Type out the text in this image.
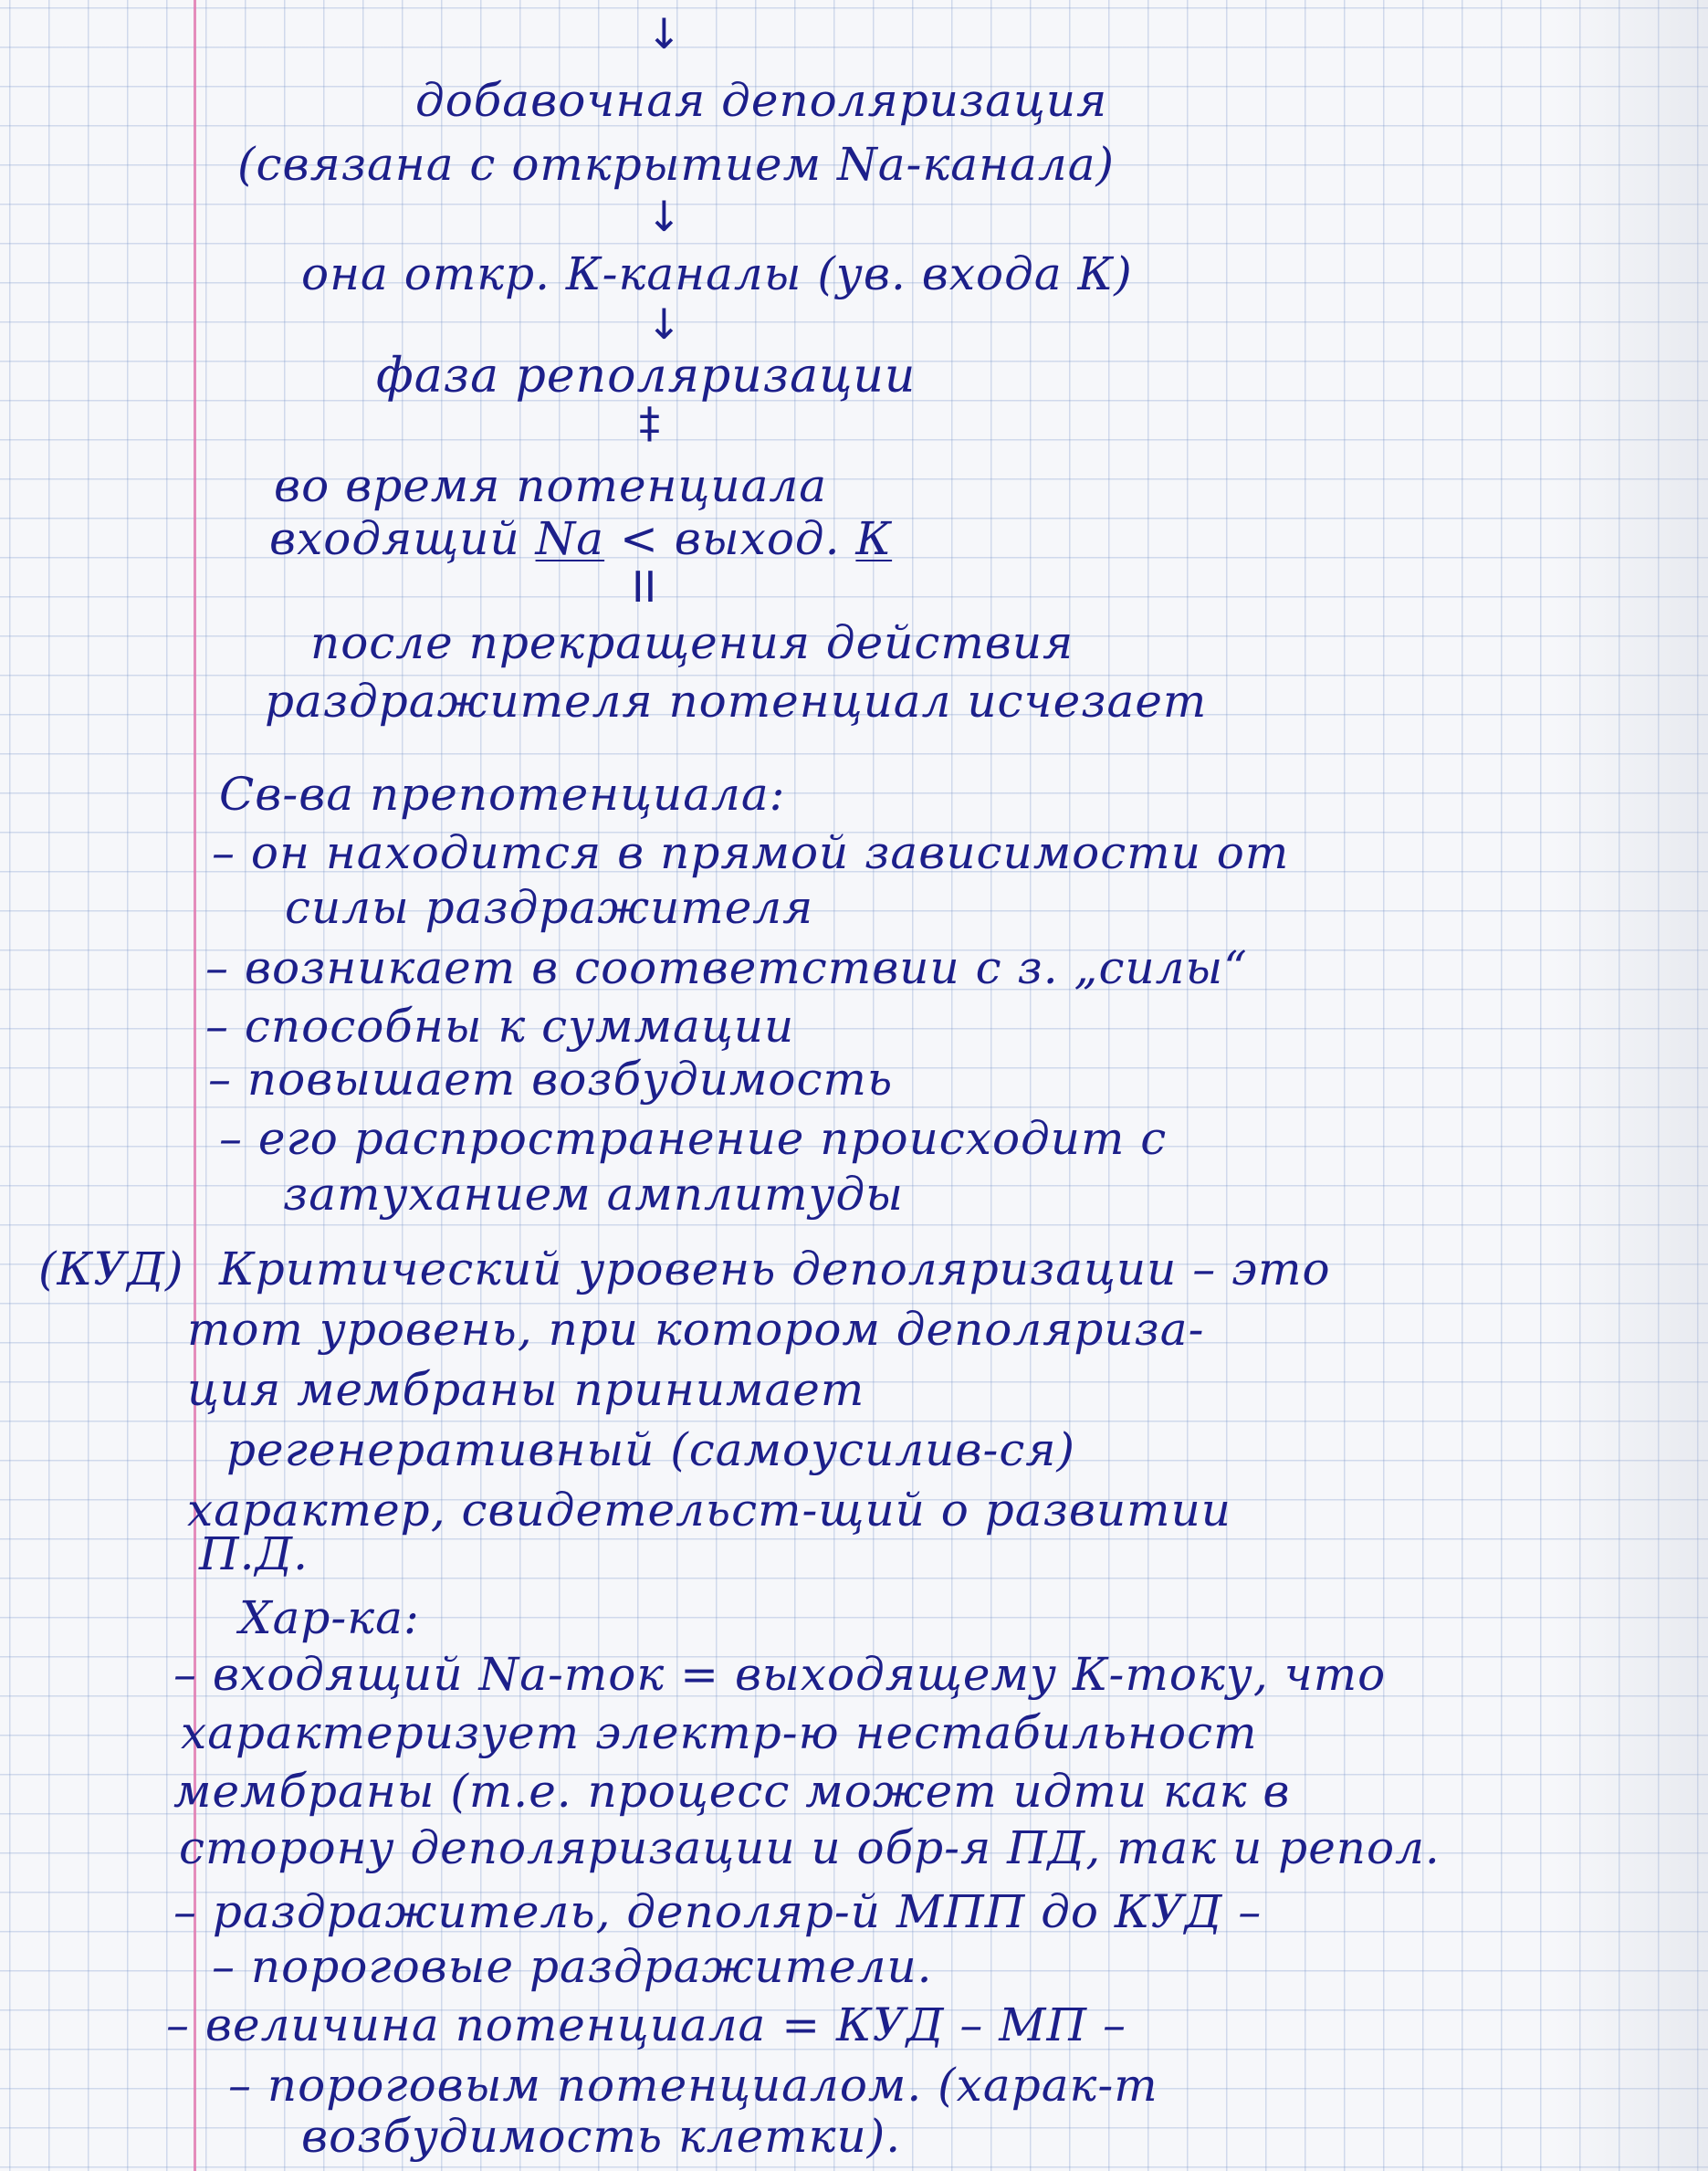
↓

добавочная деполяризация

(связана с открытием Na-канала)

↓

она откр. К-каналы (ув. входа К)

↓

фаза реполяризации

‡

во время потенциала

входящий Na < выход. К

II

после прекращения действия

раздражителя потенциал исчезает

Св-ва препотенциала:

– он находится в прямой зависимости от

силы раздражителя

– возникает в соответствии с з. „силы“

– способны к суммации

– повышает возбудимость

– его распространение происходит с

затуханием амплитуды

(КУД) Критический уровень деполяризации – это

тот уровень, при котором деполяриза-

ция мембраны принимает

регенеративный (самоусилив-ся)

характер, свидетельст-щий о развитии

П.Д.

Хар-ка:

– входящий Na-ток = выходящему К-току, что

характеризует электр-ю нестабильност

мембраны (т.е. процесс может идти как в

сторону деполяризации и обр-я ПД, так и репол.

– раздражитель, деполяр-й МПП до КУД –

– пороговые раздражители.

– величина потенциала = КУД – МП –

– пороговым потенциалом. (харак-т

возбудимость клетки).
